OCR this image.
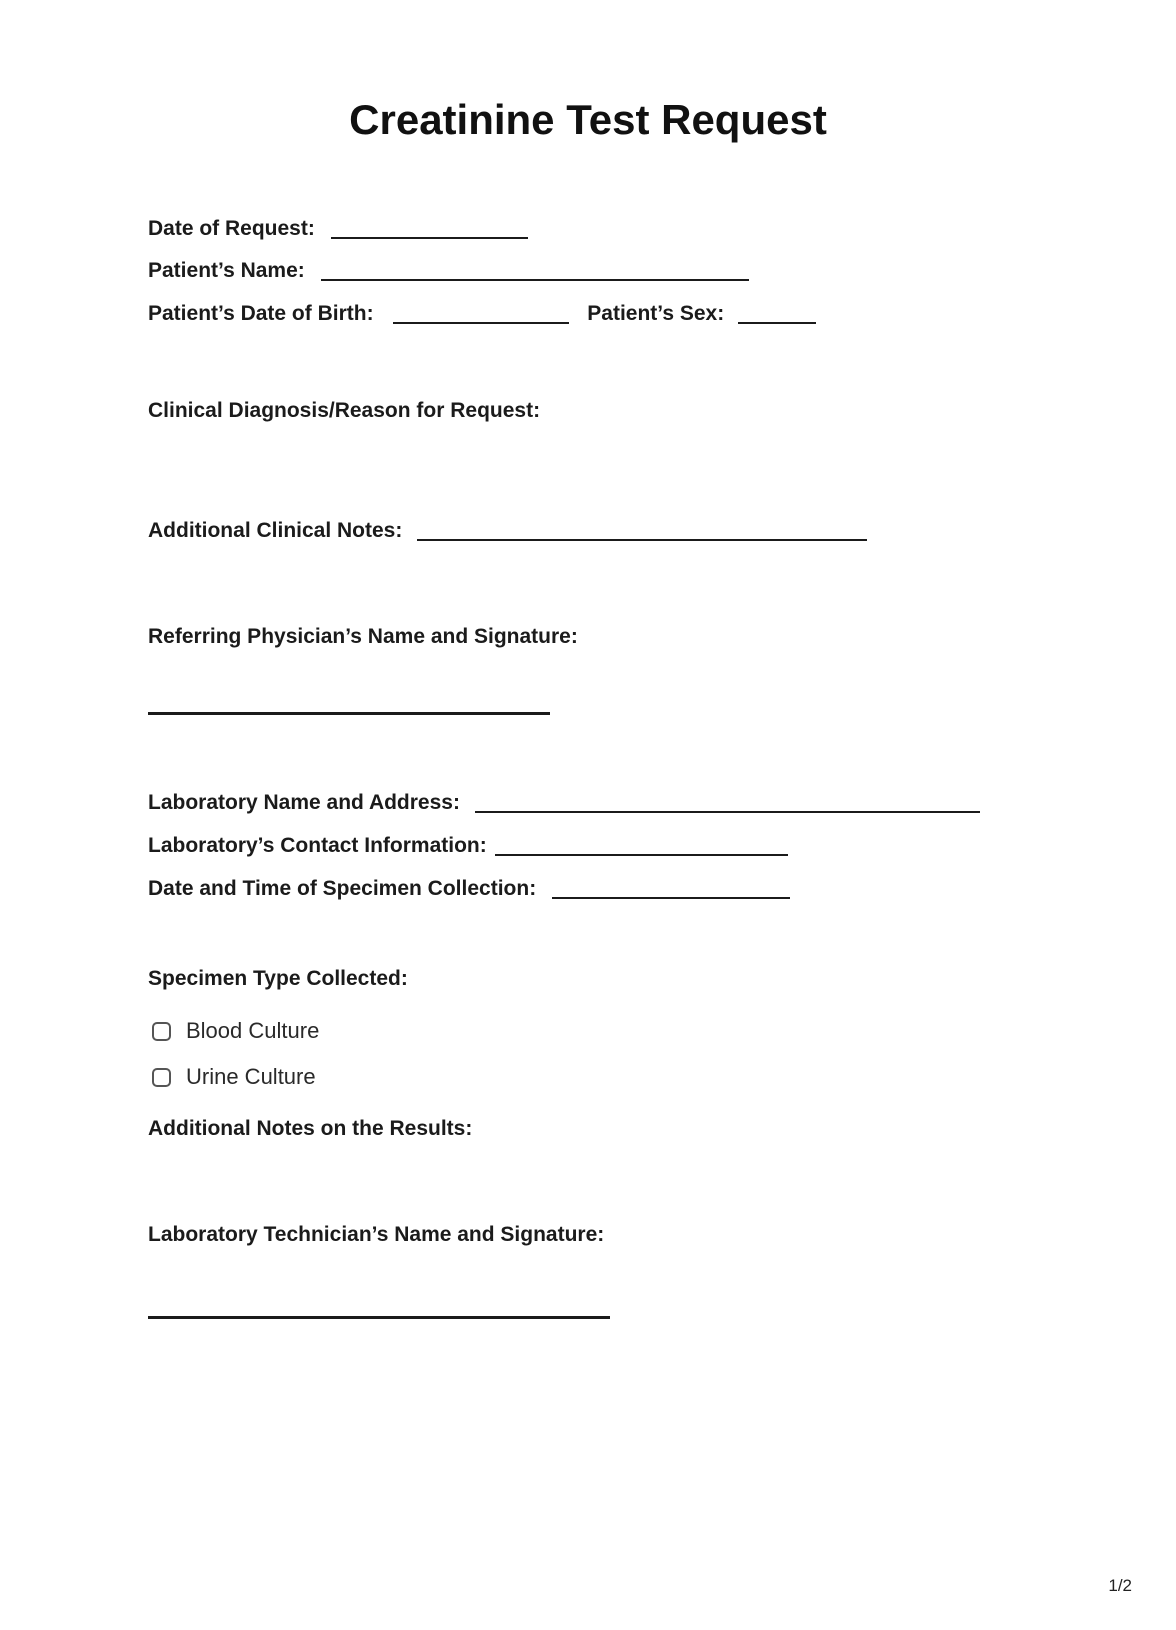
Creatinine Test Request
Date of Request:
Patient’s Name:
Patient’s Date of Birth:	Patient’s Sex:
Clinical Diagnosis/Reason for Request:
Additional Clinical Notes:
Referring Physician’s Name and Signature:
Laboratory Name and Address:
Laboratory’s Contact Information:
Date and Time of Specimen Collection:
Specimen Type Collected:
Blood Culture
Urine Culture
Additional Notes on the Results:
Laboratory Technician’s Name and Signature:
1/2
